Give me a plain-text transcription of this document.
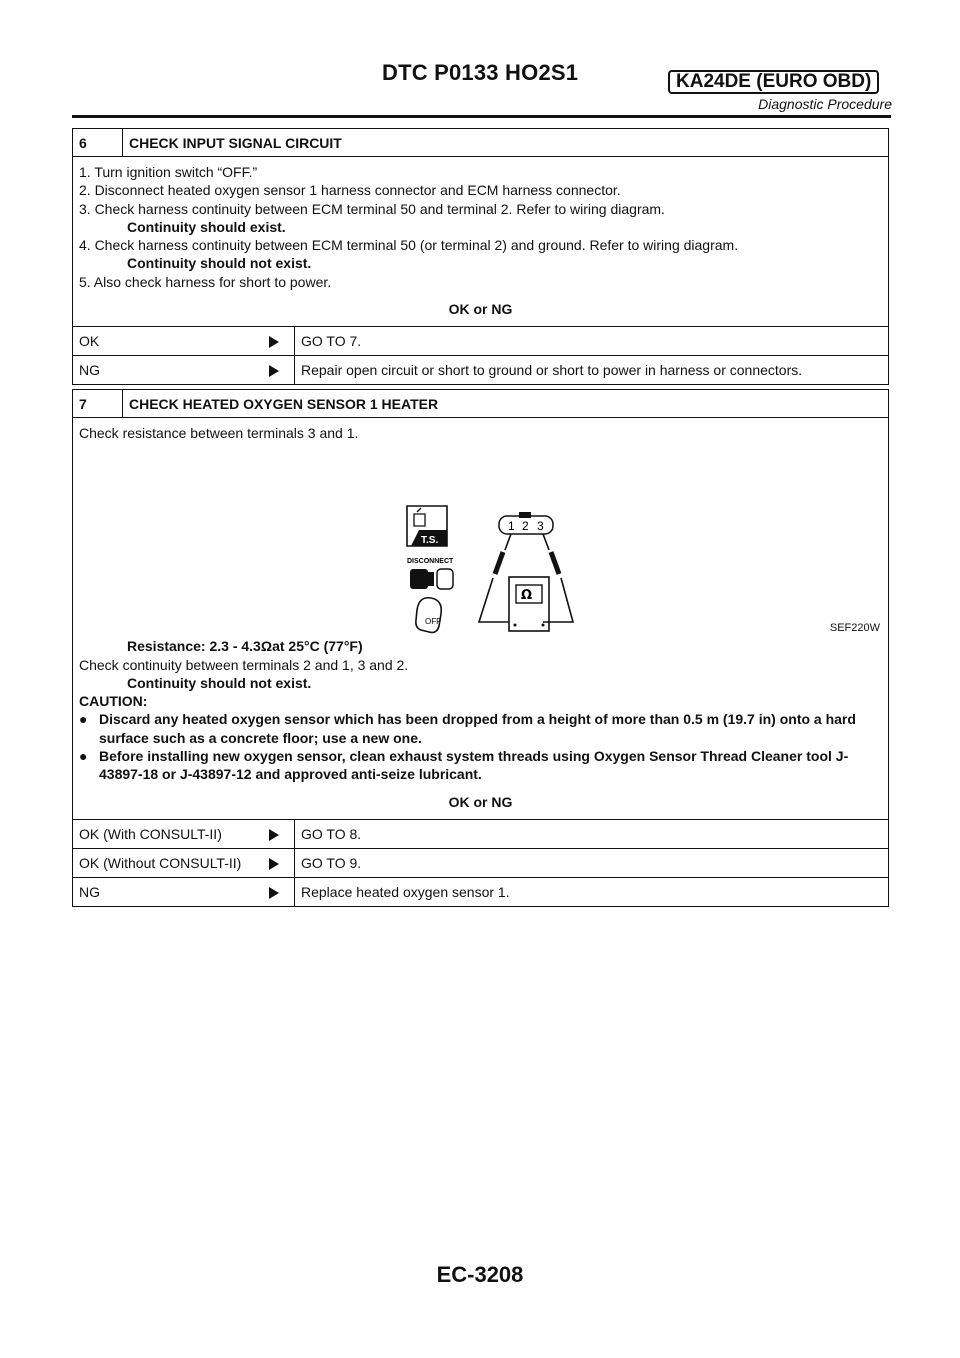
DTC P0133 HO2S1	KA24DE (EURO OBD)
Diagnostic Procedure
6	CHECK INPUT SIGNAL CIRCUIT
1. Turn ignition switch “OFF.”
2. Disconnect heated oxygen sensor 1 harness connector and ECM harness connector.
3. Check harness continuity between ECM terminal 50 and terminal 2. Refer to wiring diagram.
Continuity should exist.
4. Check harness continuity between ECM terminal 50 (or terminal 2) and ground. Refer to wiring diagram.
Continuity should not exist.
5. Also check harness for short to power.
OK or NG
OK	GO TO 7.
NG	Repair open circuit or short to ground or short to power in harness or connectors.
7	CHECK HEATED OXYGEN SENSOR 1 HEATER
Check resistance between terminals 3 and 1.
T.S.
DISCONNECT
OFF
1 2 3
Ω
SEF220W
Resistance: 2.3 - 4.3Ωat 25°C (77°F)
Check continuity between terminals 2 and 1, 3 and 2.
Continuity should not exist.
CAUTION:
● Discard any heated oxygen sensor which has been dropped from a height of more than 0.5 m (19.7 in) onto a hard surface such as a concrete floor; use a new one.
● Before installing new oxygen sensor, clean exhaust system threads using Oxygen Sensor Thread Cleaner tool J-43897-18 or J-43897-12 and approved anti-seize lubricant.
OK or NG
OK (With CONSULT-II)	GO TO 8.
OK (Without CONSULT-II)	GO TO 9.
NG	Replace heated oxygen sensor 1.
EC-3208
